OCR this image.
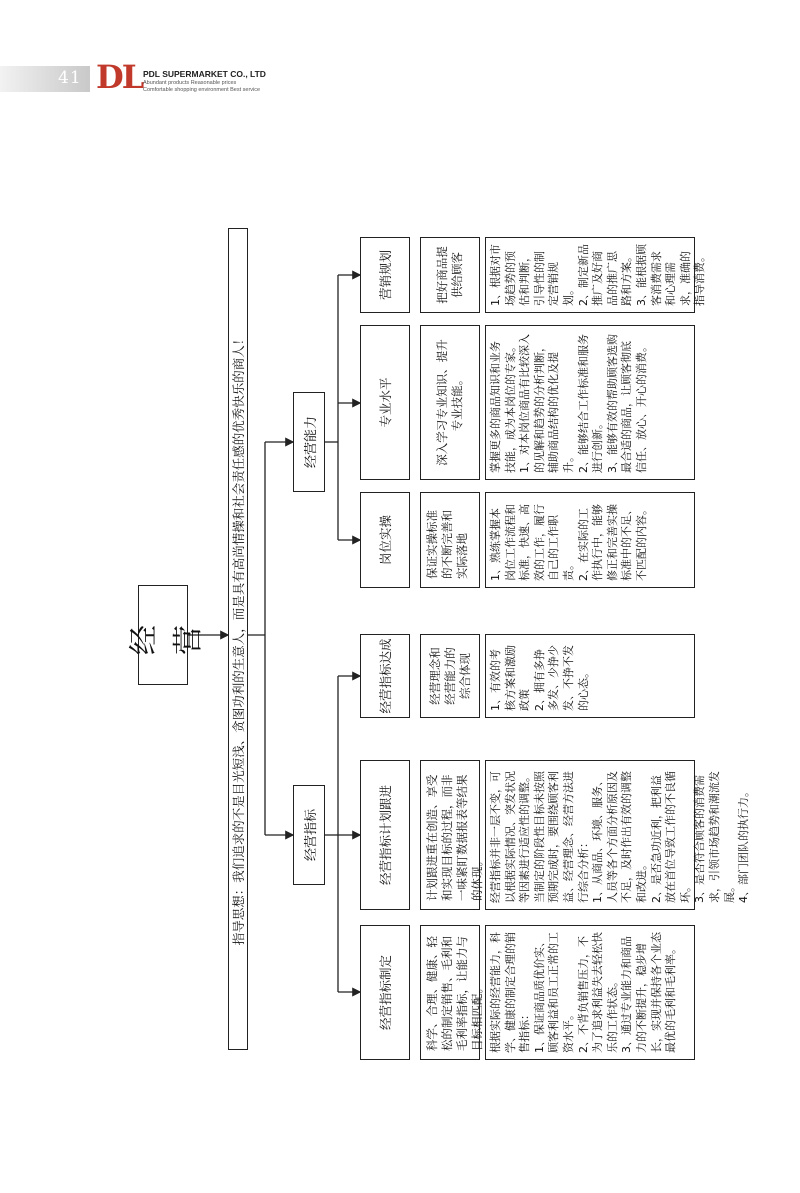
41 DL PDL SUPERMARKET CO., LTD
Abundant products Reasonable prices
Comfortable shopping environment Best service
经 营 指导思想：我们追求的不是目光短浅、贪图功利的生意人，而是具有高尚情操和社会责任感的优秀快乐的商人！	经营指标
经营能力
经营指标制定
经营指标计划跟进
经营指标达成
岗位实操
专业水平
营销规划
科学、合理、健康、轻松的制定销售、毛利和毛利率指标，让能力与目标相匹配。
计划跟进重在创造、享受和实现目标的过程，而非一味紧盯数据报表等结果的体现。
经营理念和经营能力的综合体现
保证实操标准的不断完善和实际落地
深入学习专业知识、提升专业技能。
把好商品提供给顾客
根据实际的经营能力，科学、健康的制定合理的销售指标：
1、保证商品质优价实、顾客利益和员工正常的工资水平。
2、不背负销售压力，不为了追求利益失去轻松快乐的工作状态。
3、通过专业能力和商品力的不断提升，稳步增长，实现并保持各个业态最优的毛利和毛利率。
经营指标并非一层不变，可以根据实际情况、突发状况等因素进行适应性的调整。
当制定的阶段性目标未按照预期完成时，要围绕顾客利益、经营理念、经营方法进行综合分析：
1、从商品、环境、服务、人员等各个方面分析原因及不足，及时作出有效的调整和改进。
2、是否急功近利，把利益放在首位导致工作的不良循环。
3、是否符合顾客的消费需求，引领市场趋势和潮流发展。
4、部门团队的执行力。
1、有效的考核方案和激励政策
2、拥有多挣多发、少挣少发、不挣不发的心态。
1、熟练掌握本岗位工作流程和标准，快速、高效的工作，履行自己的工作职责。
2、在实际的工作执行中，能够修正和完善实操标准中的不足、不匹配的内容。
掌握更多的商品知识和业务技能，成为本岗位的专家。
1、对本岗位商品有比较深入的见解和趋势的分析判断，辅助商品结构的优化及提升。
2、能够结合工作标准和服务进行创新。
3、能够有效的帮助顾客选购最合适的商品，让顾客彻底信任、放心、开心的消费。
1、根据对市场趋势的预估和判断，引导性的制定营销规划。
2、制定新品推广及好商品的推广思路和方案。
3、能根据顾客消费需求和心理需求，准确的指导消费。
